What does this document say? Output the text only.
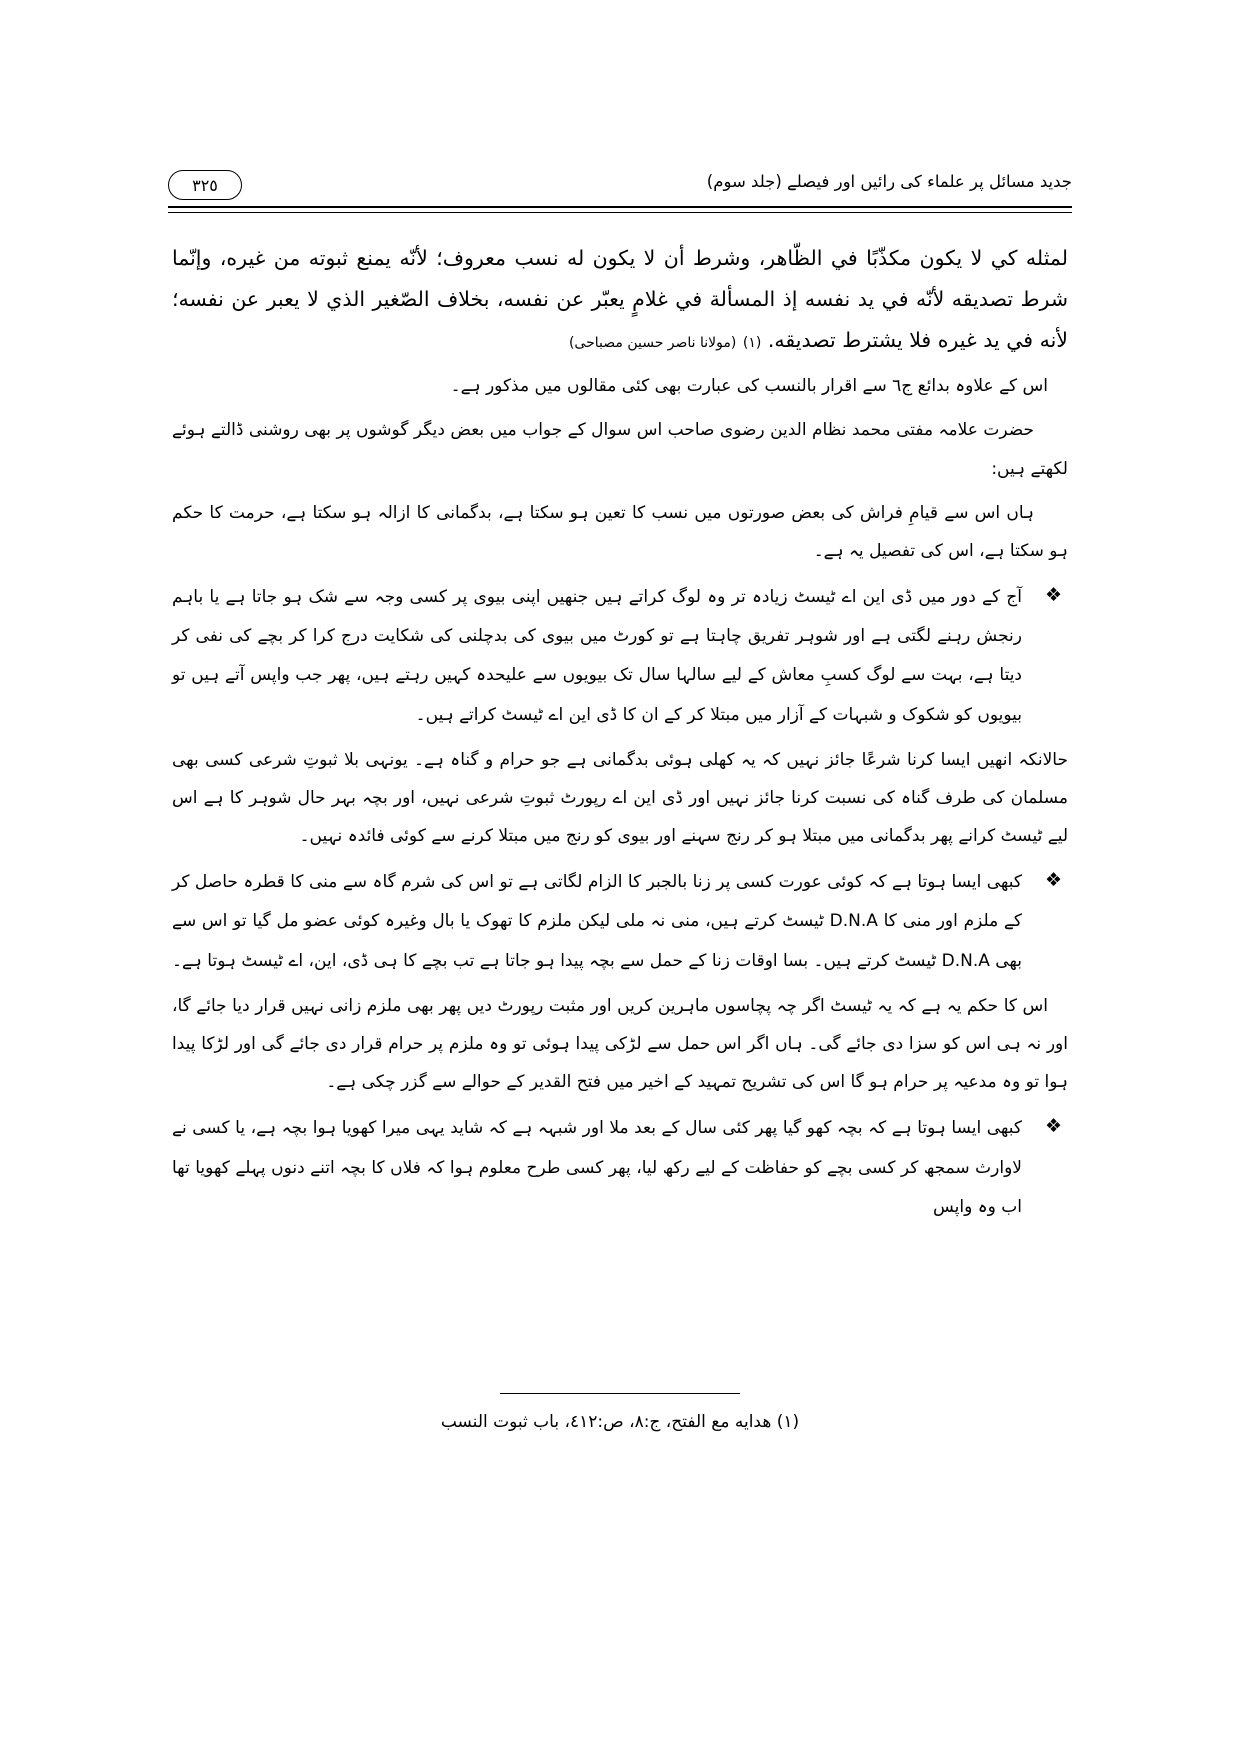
جدید مسائل پر علماء کی رائیں اور فیصلے (جلد سوم)
٣٢٥
لمثله كي لا يكون مكذّبًا في الظّاهر، وشرط أن لا يكون له نسب معروف؛ لأنّه يمنع ثبوته من غيره، وإنّما شرط تصديقه لأنّه في يد نفسه إذ المسألة في غلامٍ يعبّر عن نفسه، بخلاف الصّغير الذي لا يعبر عن نفسه؛ لأنه في يد غيره فلا يشترط تصديقه. (۱) (مولانا ناصر حسین مصباحی)
اس کے علاوہ بدائع ج٦ سے اقرار بالنسب کی عبارت بھی کئی مقالوں میں مذکور ہے۔
حضرت علامہ مفتی محمد نظام الدین رضوی صاحب اس سوال کے جواب میں بعض دیگر گوشوں پر بھی روشنی ڈالتے ہوئے لکھتے ہیں:
ہاں اس سے قیامِ فراش کی بعض صورتوں میں نسب کا تعین ہو سکتا ہے، بدگمانی کا ازالہ ہو سکتا ہے، حرمت کا حکم ہو سکتا ہے، اس کی تفصیل یہ ہے۔
❖
آج کے دور میں ڈی این اے ٹیسٹ زیادہ تر وہ لوگ کراتے ہیں جنھیں اپنی بیوی پر کسی وجہ سے شک ہو جاتا ہے یا باہم رنجش رہنے لگتی ہے اور شوہر تفریق چاہتا ہے تو کورٹ میں بیوی کی بدچلنی کی شکایت درج کرا کر بچے کی نفی کر دیتا ہے، بہت سے لوگ کسبِ معاش کے لیے سالہا سال تک بیویوں سے علیحدہ کہیں رہتے ہیں، پھر جب واپس آتے ہیں تو بیویوں کو شکوک و شبہات کے آزار میں مبتلا کر کے ان کا ڈی این اے ٹیسٹ کراتے ہیں۔
حالانکہ انھیں ایسا کرنا شرعًا جائز نہیں کہ یہ کھلی ہوئی بدگمانی ہے جو حرام و گناہ ہے۔ یونہی بلا ثبوتِ شرعی کسی بھی مسلمان کی طرف گناہ کی نسبت کرنا جائز نہیں اور ڈی این اے رپورٹ ثبوتِ شرعی نہیں، اور بچہ بہر حال شوہر کا ہے اس لیے ٹیسٹ کرانے پھر بدگمانی میں مبتلا ہو کر رنج سہنے اور بیوی کو رنج میں مبتلا کرنے سے کوئی فائدہ نہیں۔
❖
کبھی ایسا ہوتا ہے کہ کوئی عورت کسی پر زنا بالجبر کا الزام لگاتی ہے تو اس کی شرم گاہ سے منی کا قطرہ حاصل کر کے ملزم اور منی کا D.N.A ٹیسٹ کرتے ہیں، منی نہ ملی لیکن ملزم کا تھوک یا بال وغیرہ کوئی عضو مل گیا تو اس سے بھی D.N.A ٹیسٹ کرتے ہیں۔ بسا اوقات زنا کے حمل سے بچہ پیدا ہو جاتا ہے تب بچے کا ہی ڈی، این، اے ٹیسٹ ہوتا ہے۔
اس کا حکم یہ ہے کہ یہ ٹیسٹ اگر چہ پچاسوں ماہرین کریں اور مثبت رپورٹ دیں پھر بھی ملزم زانی نہیں قرار دیا جائے گا، اور نہ ہی اس کو سزا دی جائے گی۔ ہاں اگر اس حمل سے لڑکی پیدا ہوئی تو وہ ملزم پر حرام قرار دی جائے گی اور لڑکا پیدا ہوا تو وہ مدعیہ پر حرام ہو گا اس کی تشریح تمہید کے اخیر میں فتح القدیر کے حوالے سے گزر چکی ہے۔
❖
کبھی ایسا ہوتا ہے کہ بچہ کھو گیا پھر کئی سال کے بعد ملا اور شبہہ ہے کہ شاید یہی میرا کھویا ہوا بچہ ہے، یا کسی نے لاوارث سمجھ کر کسی بچے کو حفاظت کے لیے رکھ لیا، پھر کسی طرح معلوم ہوا کہ فلاں کا بچہ اتنے دنوں پہلے کھویا تھا اب وہ واپس
(۱) هدايه مع الفتح، ج:٨، ص:٤١٢، باب ثبوت النسب
